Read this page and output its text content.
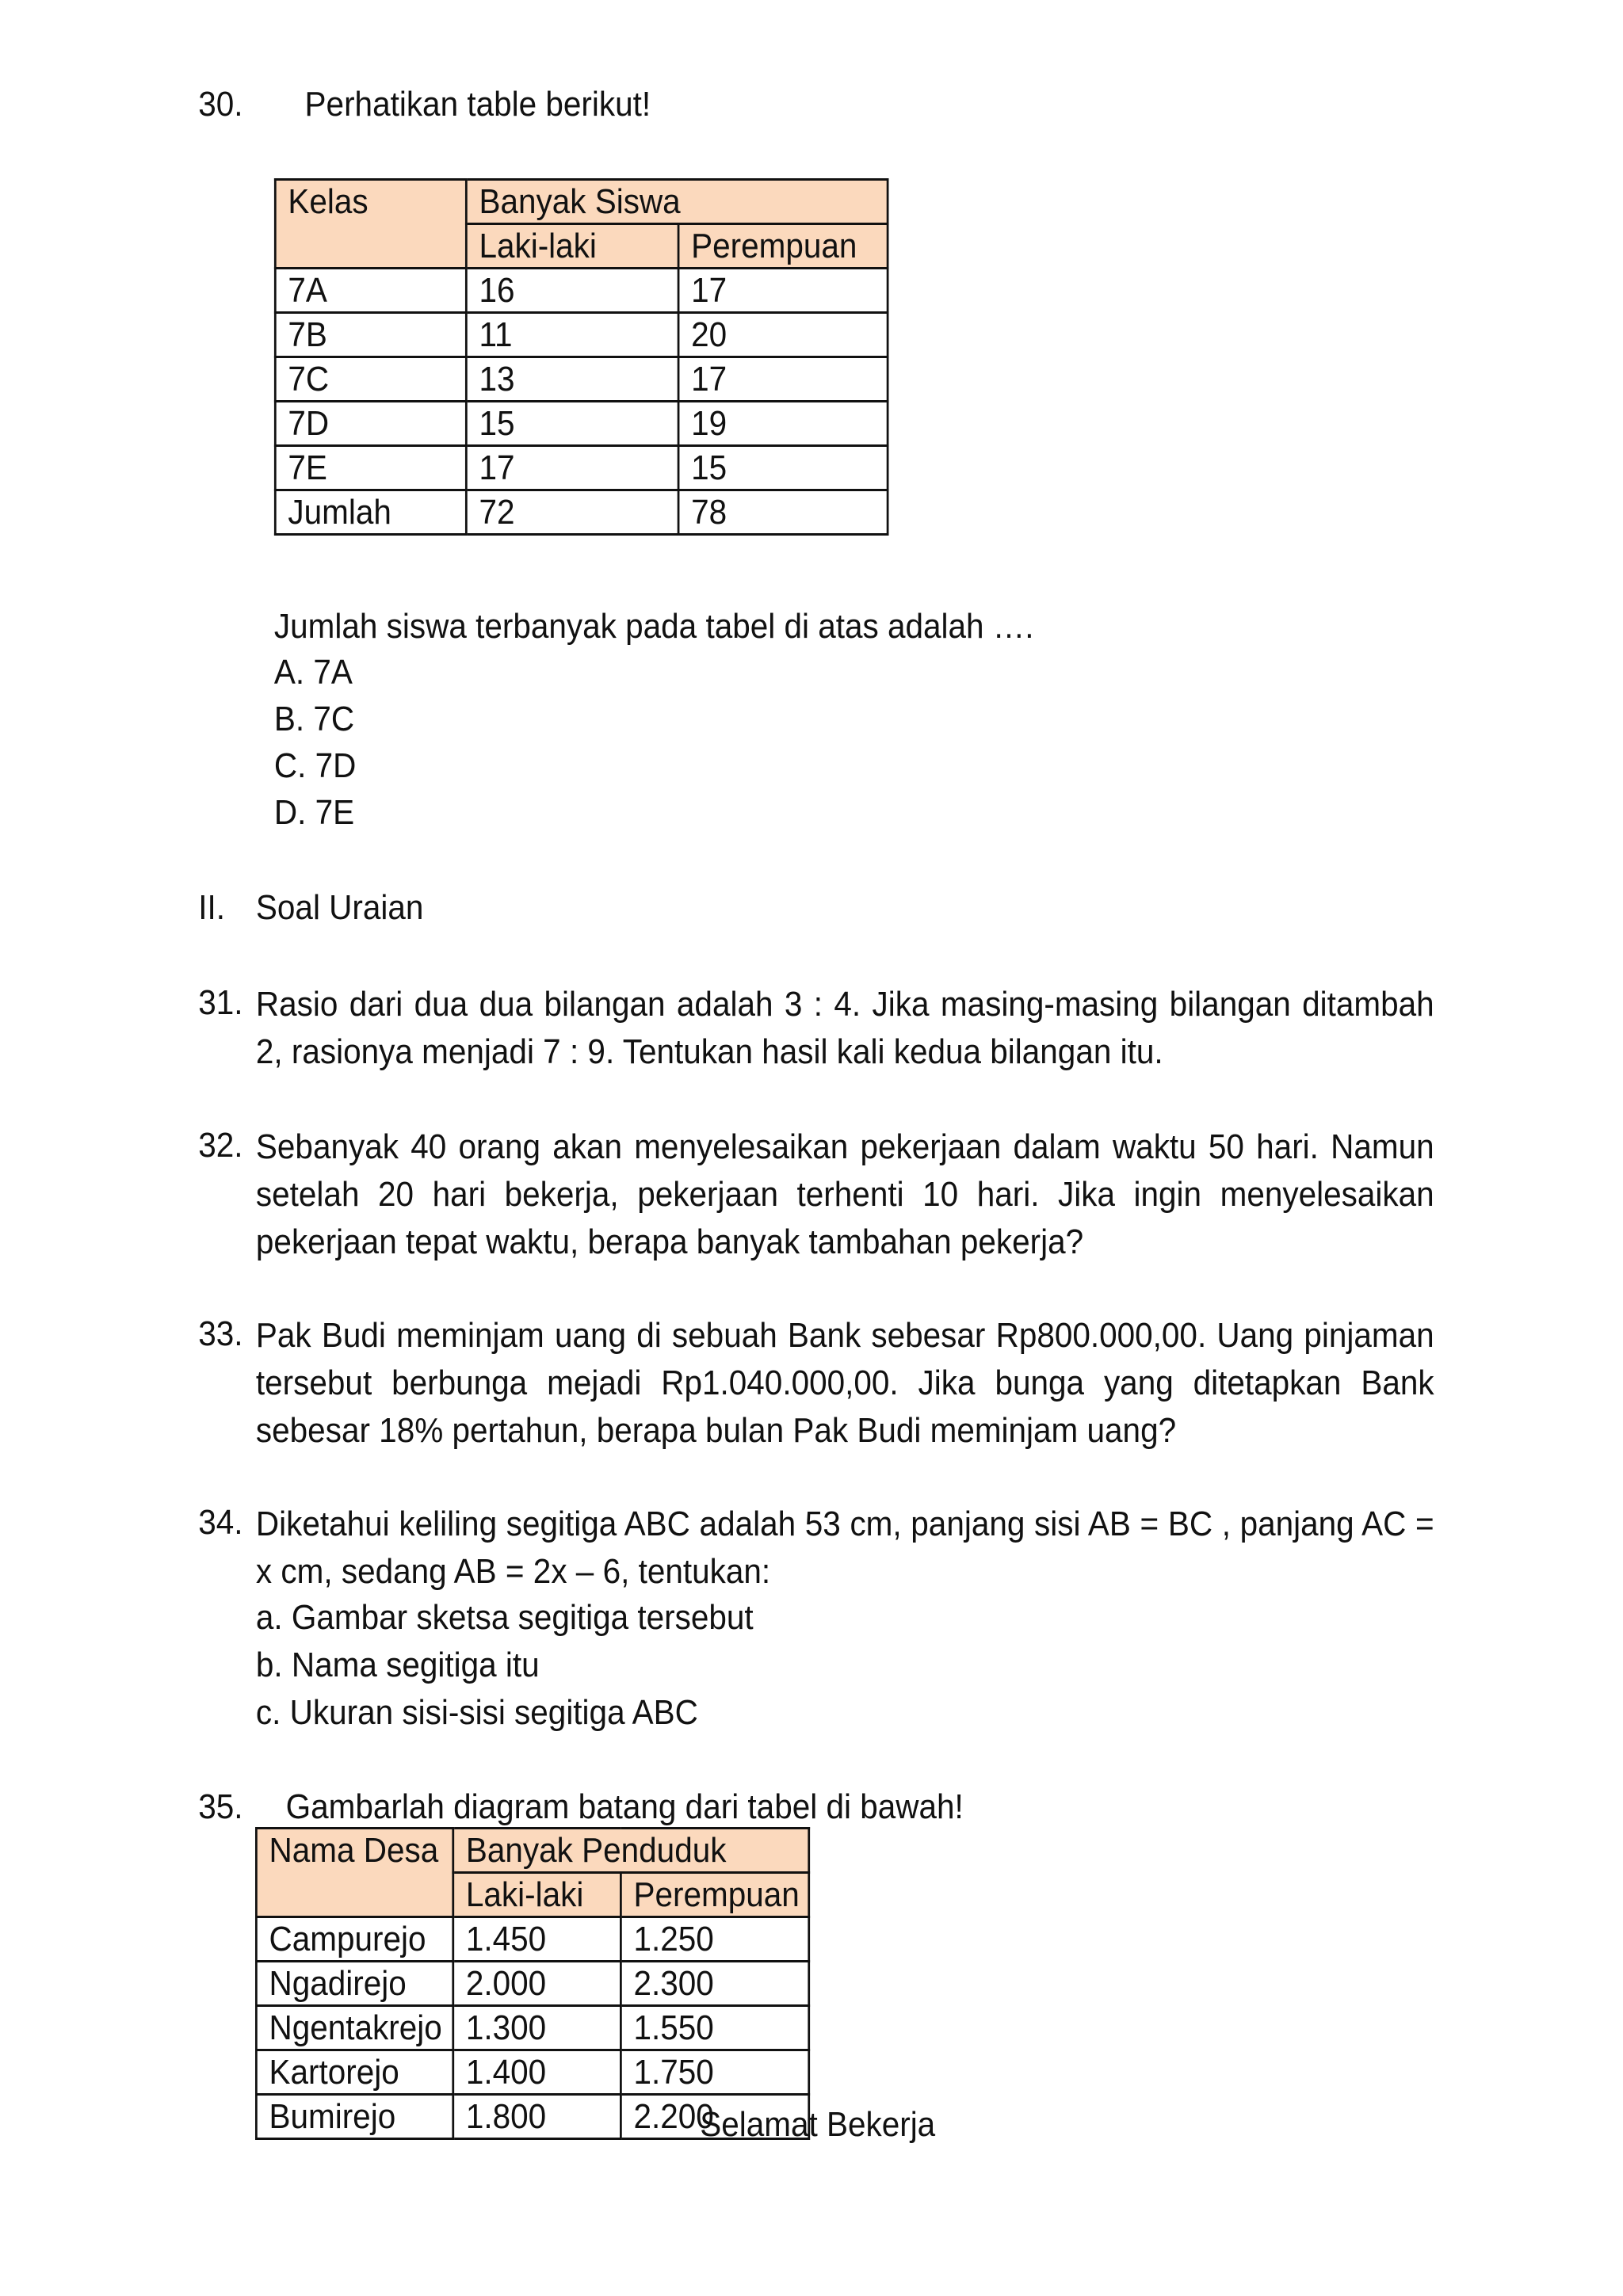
30. Perhatikan table berikut!
Kelas	Banyak Siswa	
	Laki-laki	Perempuan
7A	16	17
7B	11	20
7C	13	17
7D	15	19
7E	17	15
Jumlah	72	78
Jumlah siswa terbanyak pada tabel di atas adalah ….
A. 7A
B. 7C
C. 7D
D. 7E
II. Soal Uraian
31. Rasio dari dua dua bilangan adalah 3 : 4. Jika masing-masing bilangan ditambah 2, rasionya menjadi 7 : 9. Tentukan hasil kali kedua bilangan itu.
32. Sebanyak 40 orang akan menyelesaikan pekerjaan dalam waktu 50 hari. Namun setelah 20 hari bekerja, pekerjaan terhenti 10 hari. Jika ingin menyelesaikan pekerjaan tepat waktu, berapa banyak tambahan pekerja?
33. Pak Budi meminjam uang di sebuah Bank sebesar Rp800.000,00. Uang pinjaman tersebut berbunga mejadi Rp1.040.000,00. Jika bunga yang ditetapkan Bank sebesar 18% pertahun, berapa bulan Pak Budi meminjam uang?
34. Diketahui keliling segitiga ABC adalah 53 cm, panjang sisi AB = BC , panjang AC = x cm, sedang AB = 2x – 6, tentukan:
a. Gambar sketsa segitiga tersebut
b. Nama segitiga itu
c. Ukuran sisi-sisi segitiga ABC
35. Gambarlah diagram batang dari tabel di bawah!
Nama Desa	Banyak Penduduk	
	Laki-laki	Perempuan
Campurejo	1.450	1.250
Ngadirejo	2.000	2.300
Ngentakrejo	1.300	1.550
Kartorejo	1.400	1.750
Bumirejo	1.800	2.200
Selamat Bekerja
